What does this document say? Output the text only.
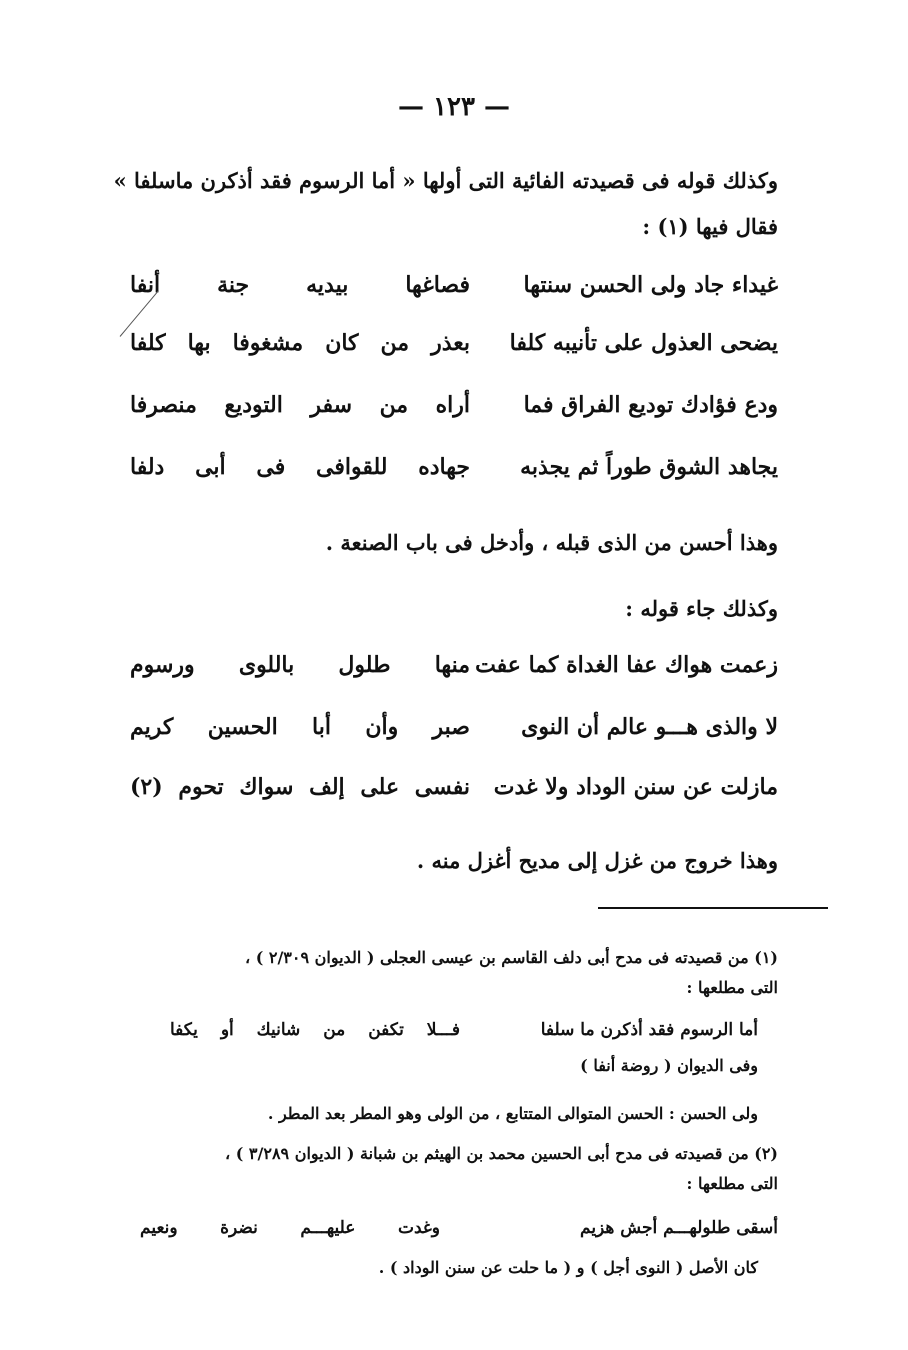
— ١٢٣ —
وكذلك قوله فى قصيدته الفائية التى أولها « أما الرسوم فقد أذكرن ماسلفا »
فقال فيها (١) :
غيداء جاد ولى الحسن سنتها
فصاغها بيديه جنة أنفا
يضحى العذول على تأنيبه كلفا
بعذر من كان مشغوفا بها كلفا
ودع فؤادك توديع الفراق فما
أراه من سفر التوديع منصرفا
يجاهد الشوق طوراً ثم يجذبه
جهاده للقوافى فى أبى دلفا
وهذا أحسن من الذى قبله ، وأدخل فى باب الصنعة .
وكذلك جاء قوله :
زعمت هواك عفا الغداة كما عفت
منها طلول باللوى ورسوم
لا والذى هـــو عالم أن النوى
صبر وأن أبا الحسين كريم
مازلت عن سنن الوداد ولا غدت
نفسى على إلف سواك تحوم (٢)
وهذا خروج من غزل إلى مديح أغزل منه .
(١) من قصيدته فى مدح أبى دلف القاسم بن عيسى العجلى ( الديوان ٢/٣٠٩ ) ،
التى مطلعها :
أما الرسوم فقد أذكرن ما سلفا
فـــلا تكفن من شانيك أو يكفا
وفى الديوان ( روضة أنفا )
ولى الحسن : الحسن المتوالى المتتابع ، من الولى وهو المطر بعد المطر .
(٢) من قصيدته فى مدح أبى الحسين محمد بن الهيثم بن شبانة ( الديوان ٣/٢٨٩ ) ،
التى مطلعها :
أسقى طلولهـــم أجش هزيم
وغدت عليهـــم نضرة ونعيم
كان الأصل ( النوى أجل ) و ( ما حلت عن سنن الوداد ) .
